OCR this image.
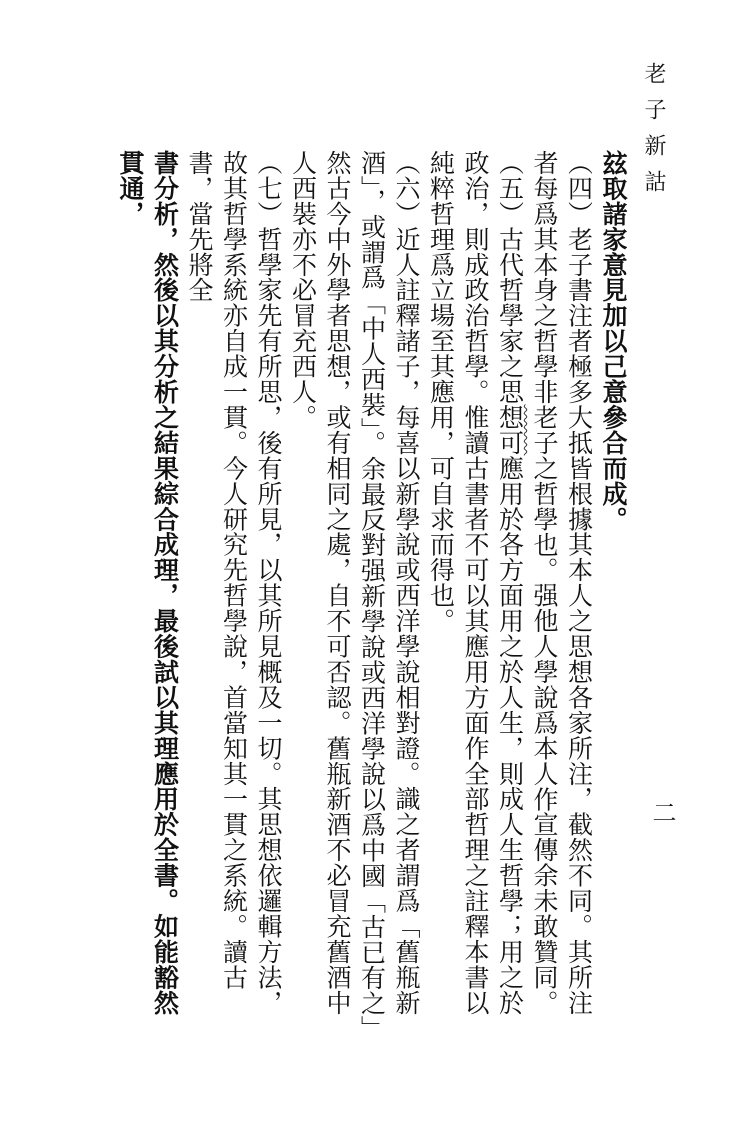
老子新詁
二

玆取諸家意見加以己意參合而成。

（四）老子書注者極多大抵皆根據其本人之思想各家所注，截然不同。其所注者每爲其本身之哲學非老子之哲學也。强他人學說爲本人作宣傳余未敢贊同。

（五）古代哲學家之思想可應用於各方面用之於人生，則成人生哲學；用之於政治，則成政治哲學。惟讀古書者不可以其應用方面作全部哲理之註釋本書以純粹哲理爲立場至其應用，可自求而得也。

（六）近人註釋諸子，每喜以新學說或西洋學說相對證。識之者謂爲「舊瓶新酒」，或謂爲「中人西裝」。余最反對强新學說或西洋學說以爲中國「古已有之」然古今中外學者思想，或有相同之處，自不可否認。舊瓶新酒不必冒充舊酒中人西裝亦不必冒充西人。

（七）哲學家先有所思，後有所見，以其所見概及一切。其思想依邏輯方法，故其哲學系統亦自成一貫。今人研究先哲學說，首當知其一貫之系統。讀古書，當先將全

書分析，然後以其分析之結果綜合成理，最後試以其理應用於全書。如能豁然貫通，
